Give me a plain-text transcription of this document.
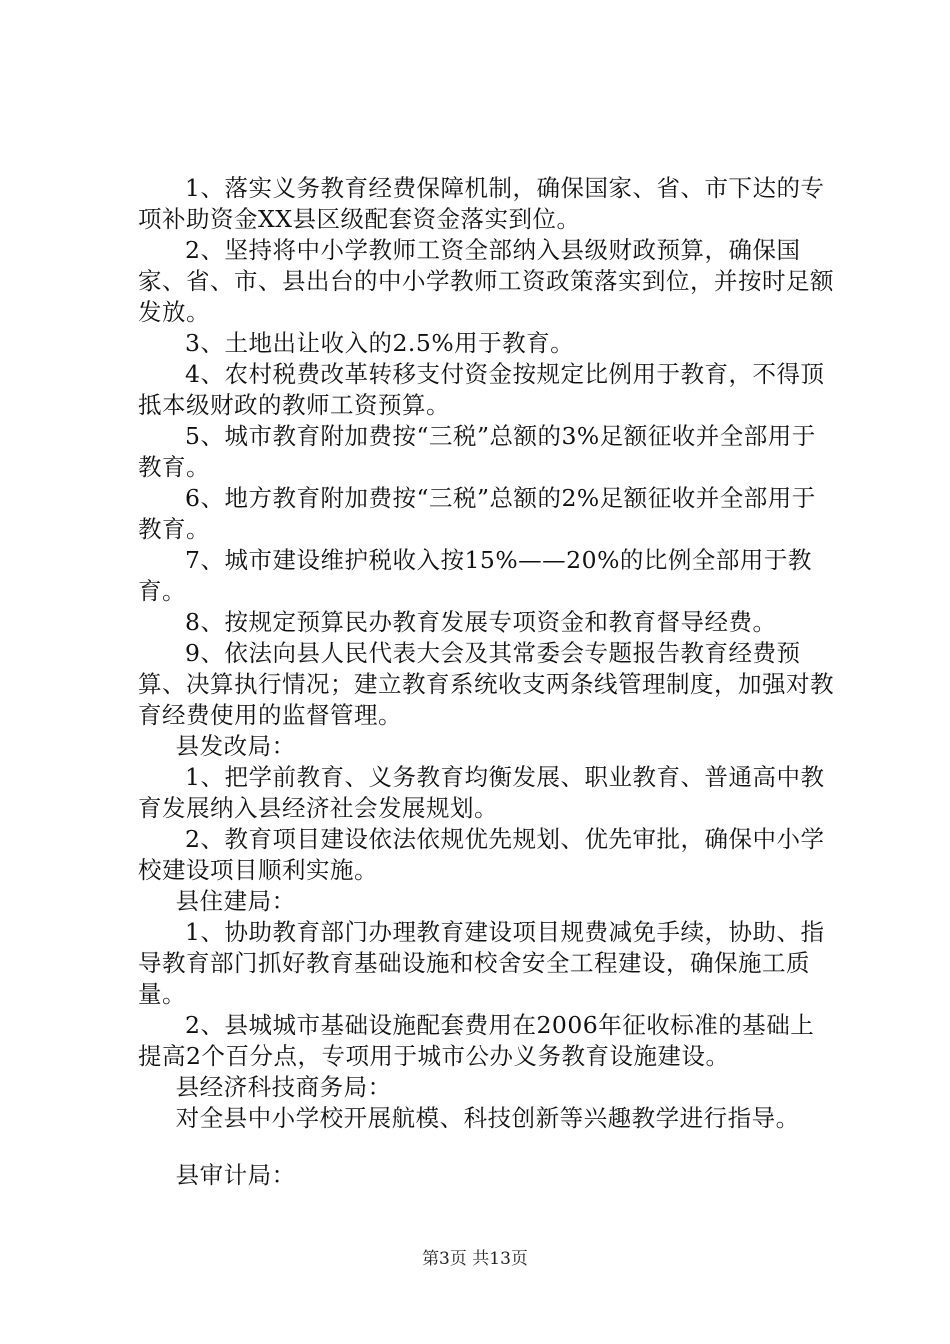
1、落实义务教育经费保障机制，确保国家、省、市下达的专项补助资金XX县区级配套资金落实到位。

2、坚持将中小学教师工资全部纳入县级财政预算，确保国家、省、市、县出台的中小学教师工资政策落实到位，并按时足额发放。

3、土地出让收入的2.5%用于教育。

4、农村税费改革转移支付资金按规定比例用于教育，不得顶抵本级财政的教师工资预算。

5、城市教育附加费按“三税”总额的3%足额征收并全部用于教育。

6、地方教育附加费按“三税”总额的2%足额征收并全部用于教育。

7、城市建设维护税收入按15%——20%的比例全部用于教育。

8、按规定预算民办教育发展专项资金和教育督导经费。

9、依法向县人民代表大会及其常委会专题报告教育经费预算、决算执行情况；建立教育系统收支两条线管理制度，加强对教育经费使用的监督管理。

县发改局：

1、把学前教育、义务教育均衡发展、职业教育、普通高中教育发展纳入县经济社会发展规划。

2、教育项目建设依法依规优先规划、优先审批，确保中小学校建设项目顺利实施。

县住建局：

1、协助教育部门办理教育建设项目规费减免手续，协助、指导教育部门抓好教育基础设施和校舍安全工程建设，确保施工质量。

2、县城城市基础设施配套费用在2006年征收标准的基础上提高2个百分点，专项用于城市公办义务教育设施建设。

县经济科技商务局：

对全县中小学校开展航模、科技创新等兴趣教学进行指导。

县审计局：

第3页 共13页
